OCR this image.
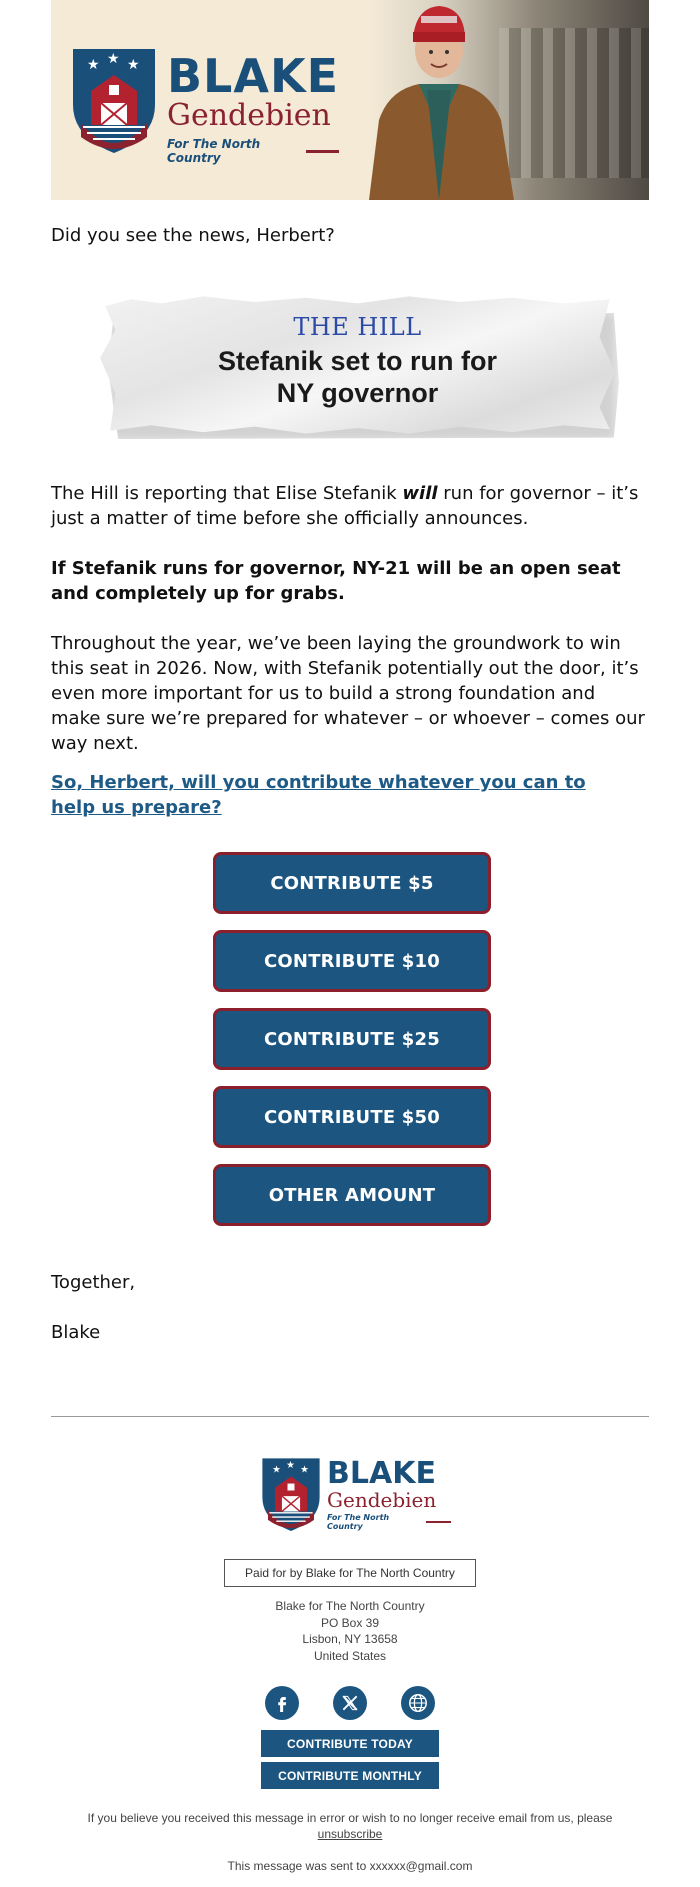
★ ★ ★ BLAKE
Gendebien
For The North Country

Did you see the news, Herbert?

THE HILL
Stefanik set to run for
NY governor

The Hill is reporting that Elise Stefanik will run for governor – it’s just a matter of time before she officially announces.

If Stefanik runs for governor, NY-21 will be an open seat and completely up for grabs.

Throughout the year, we’ve been laying the groundwork to win this seat in 2026. Now, with Stefanik potentially out the door, it’s even more important for us to build a strong foundation and make sure we’re prepared for whatever – or whoever – comes our way next.

So, Herbert, will you contribute whatever you can to help us prepare?

CONTRIBUTE $5
CONTRIBUTE $10
CONTRIBUTE $25
CONTRIBUTE $50
OTHER AMOUNT

Together,

Blake

★ ★ ★ BLAKE
Gendebien
For The North Country
Paid for by Blake for The North Country
Blake for The North Country
PO Box 39
Lisbon, NY 13658
United States
CONTRIBUTE TODAY
CONTRIBUTE MONTHLY
If you believe you received this message in error or wish to no longer receive email from us, please unsubscribe
This message was sent to xxxxxx@gmail.com
